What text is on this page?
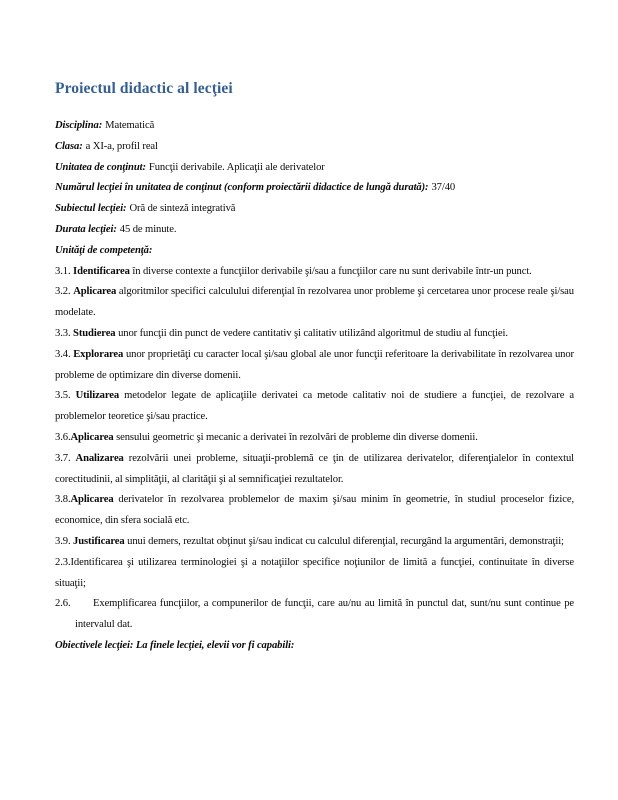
Proiectul didactic al lecţiei

Disciplina: Matematică

Clasa: a XI-a, profil real

Unitatea de conţinut: Funcţii derivabile. Aplicaţii ale derivatelor

Numărul lecţiei în unitatea de conţinut (conform proiectării didactice de lungă durată): 37/40

Subiectul lecţiei: Oră de sinteză integrativă

Durata lecţiei: 45 de minute.

Unităţi de competenţă:

3.1. Identificarea în diverse contexte a funcţiilor derivabile şi/sau a funcţiilor care nu sunt derivabile într-un punct.

3.2. Aplicarea algoritmilor specifici calculului diferenţial în rezolvarea unor probleme şi cercetarea unor procese reale şi/sau modelate.

3.3. Studierea unor funcţii din punct de vedere cantitativ şi calitativ utilizând algoritmul de studiu al funcţiei.

3.4. Explorarea unor proprietăţi cu caracter local şi/sau global ale unor funcţii referitoare la derivabilitate în rezolvarea unor probleme de optimizare din diverse domenii.

3.5. Utilizarea metodelor legate de aplicaţiile derivatei ca metode calitativ noi de studiere a funcţiei, de rezolvare a problemelor teoretice şi/sau practice.

3.6.Aplicarea sensului geometric şi mecanic a derivatei în rezolvări de probleme din diverse domenii.

3.7. Analizarea rezolvării unei probleme, situaţii-problemă ce ţin de utilizarea derivatelor, diferenţialelor în contextul corectitudinii, al simplităţii, al clarităţii şi al semnificaţiei rezultatelor.

3.8.Aplicarea derivatelor în rezolvarea problemelor de maxim şi/sau minim în geometrie, în studiul proceselor fizice, economice, din sfera socială etc.

3.9. Justificarea unui demers, rezultat obţinut şi/sau indicat cu calculul diferenţial, recurgând la argumentări, demonstraţii;

2.3.Identificarea şi utilizarea terminologiei şi a notaţiilor specifice noţiunilor de limită a funcţiei, continuitate în diverse situaţii;

2.6. Exemplificarea funcţiilor, a compunerilor de funcţii, care au/nu au limită în punctul dat, sunt/nu sunt continue pe intervalul dat.

Obiectivele lecţiei: La finele lecţiei, elevii vor fi capabili:
